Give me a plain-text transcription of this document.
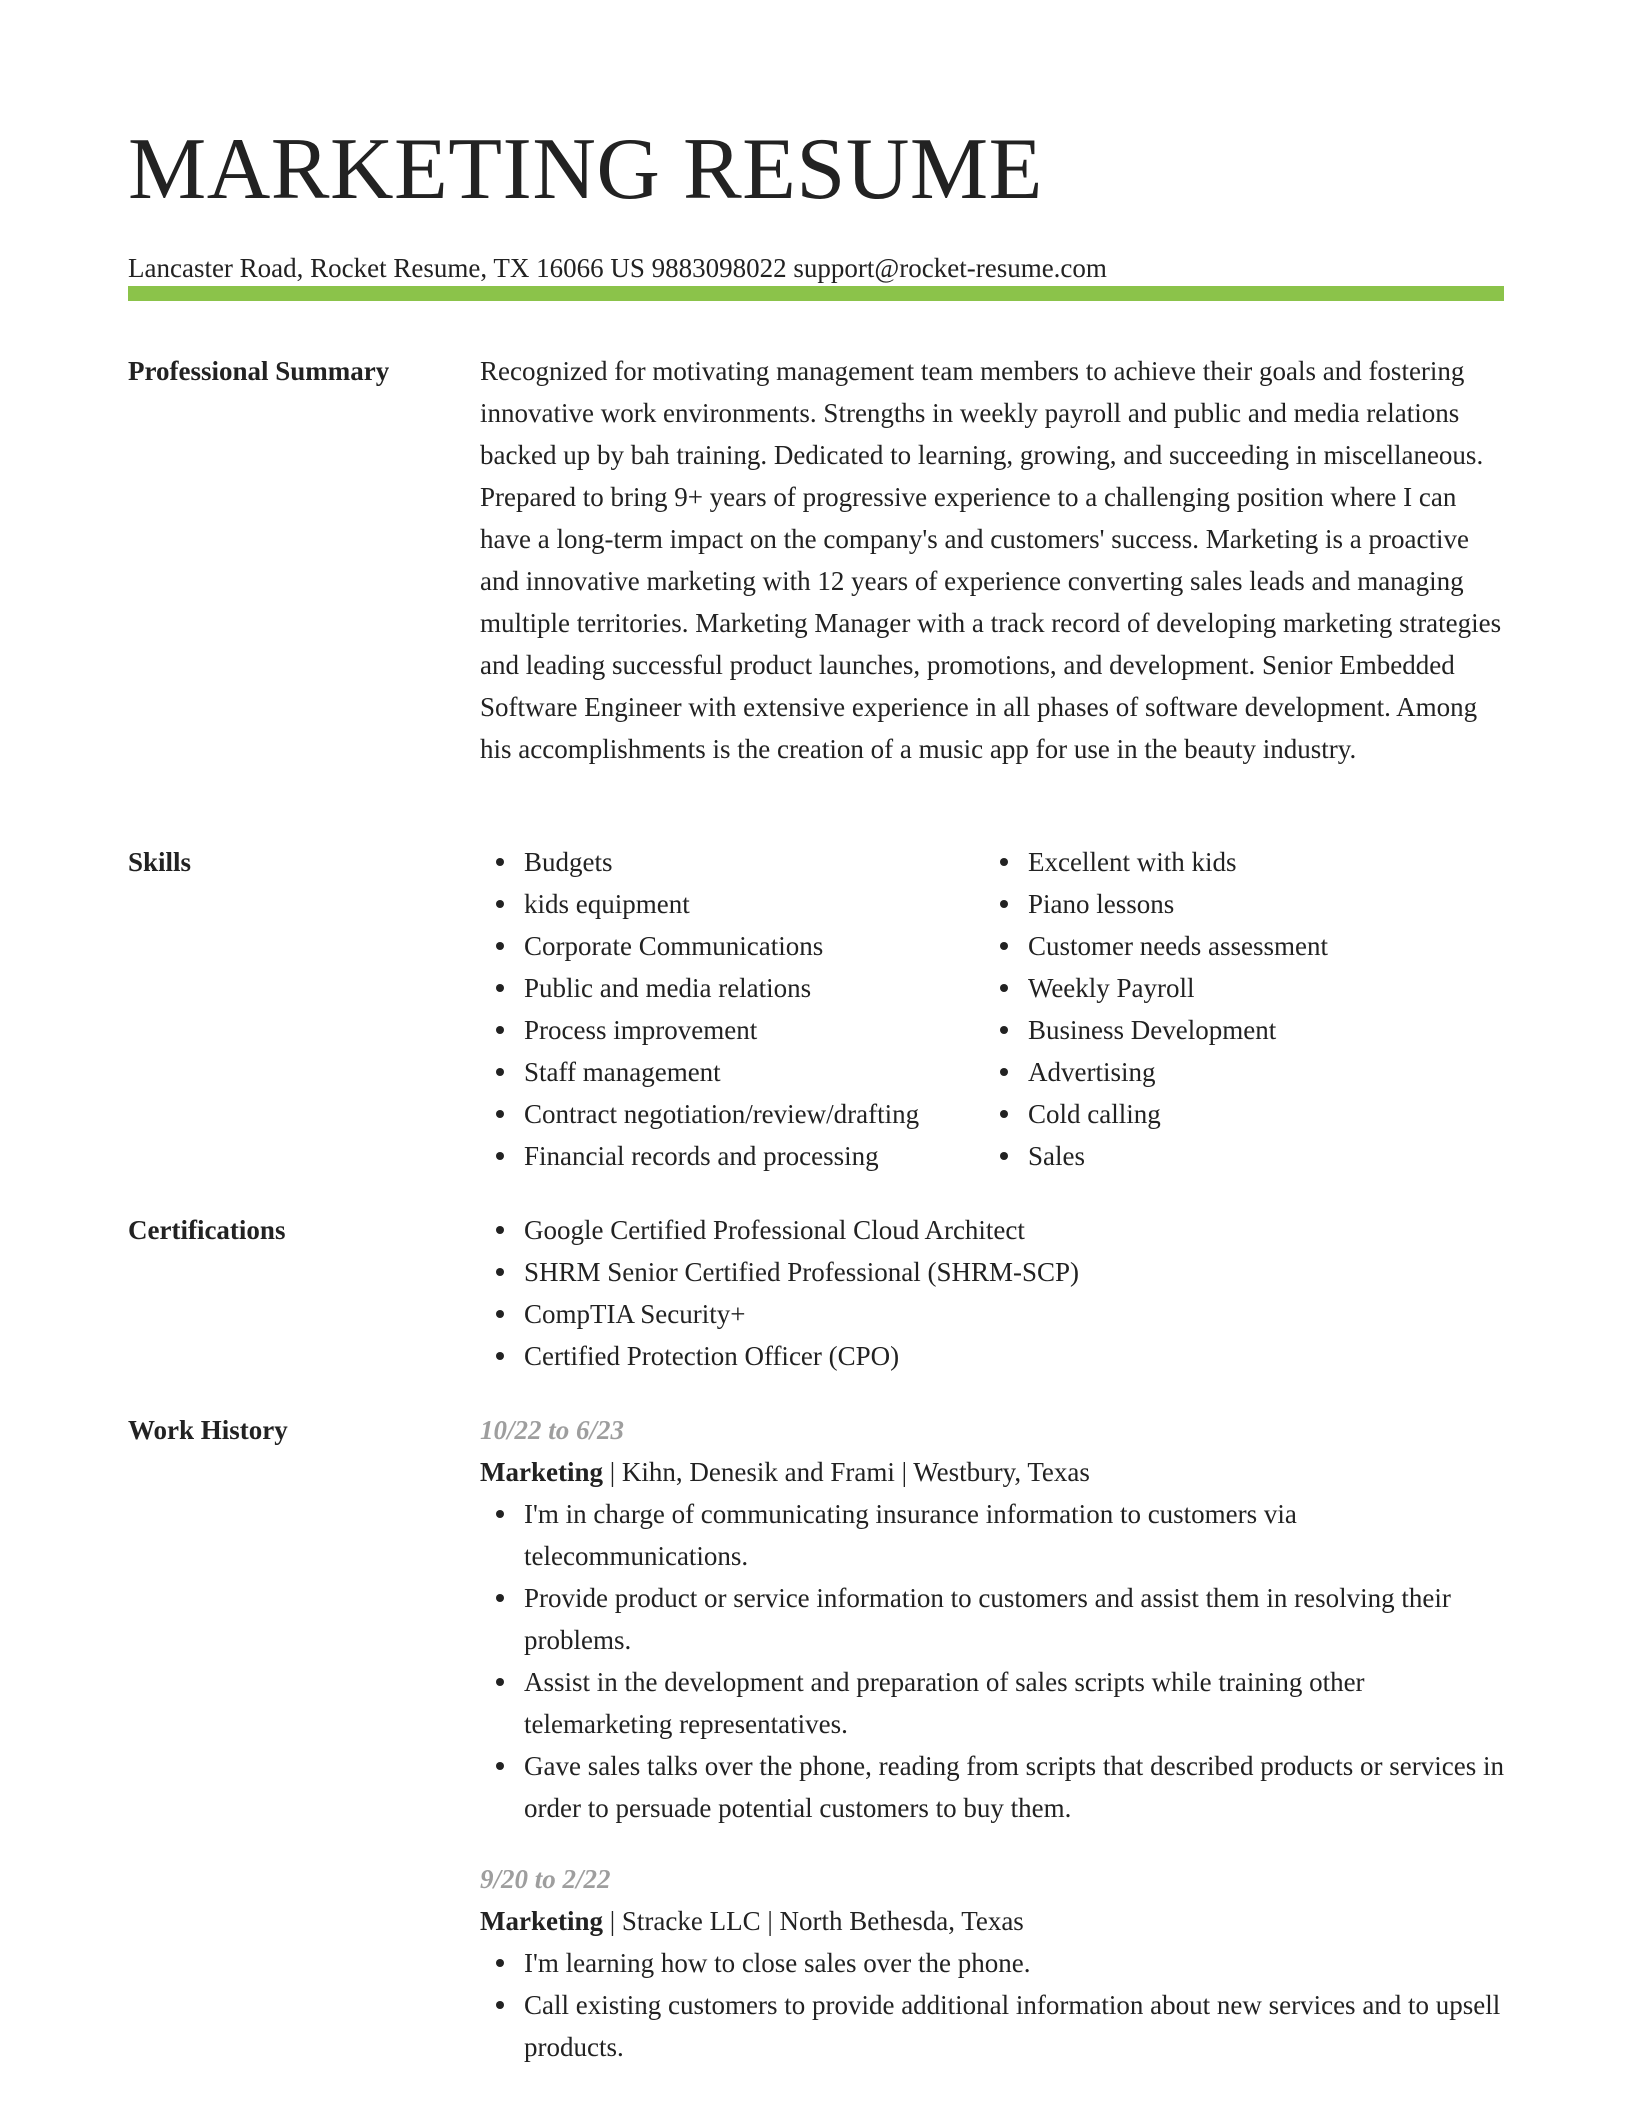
MARKETING RESUME
Lancaster Road, Rocket Resume, TX 16066 US 9883098022 support@rocket-resume.com
Professional Summary	Recognized for motivating management team members to achieve their goals and fostering innovative work environments. Strengths in weekly payroll and public and media relations backed up by bah training. Dedicated to learning, growing, and succeeding in miscellaneous. Prepared to bring 9+ years of progressive experience to a challenging position where I can have a long-term impact on the company's and customers' success. Marketing is a proactive and innovative marketing with 12 years of experience converting sales leads and managing multiple territories. Marketing Manager with a track record of developing marketing strategies and leading successful product launches, promotions, and development. Senior Embedded Software Engineer with extensive experience in all phases of software development. Among his accomplishments is the creation of a music app for use in the beauty industry.

Skills	Budgets
kids equipment
Corporate Communications
Public and media relations
Process improvement
Staff management
Contract negotiation/review/drafting
Financial records and processing
Excellent with kids
Piano lessons
Customer needs assessment
Weekly Payroll
Business Development
Advertising
Cold calling
Sales
Certifications	Google Certified Professional Cloud Architect
SHRM Senior Certified Professional (SHRM-SCP)
CompTIA Security+
Certified Protection Officer (CPO)
Work History	10/22 to 6/23
Marketing | Kihn, Denesik and Frami | Westbury, Texas
I'm in charge of communicating insurance information to customers via telecommunications.
Provide product or service information to customers and assist them in resolving their problems.
Assist in the development and preparation of sales scripts while training other telemarketing representatives.
Gave sales talks over the phone, reading from scripts that described products or services in order to persuade potential customers to buy them.
9/20 to 2/22
Marketing | Stracke LLC | North Bethesda, Texas
I'm learning how to close sales over the phone.
Call existing customers to provide additional information about new services and to upsell products.
